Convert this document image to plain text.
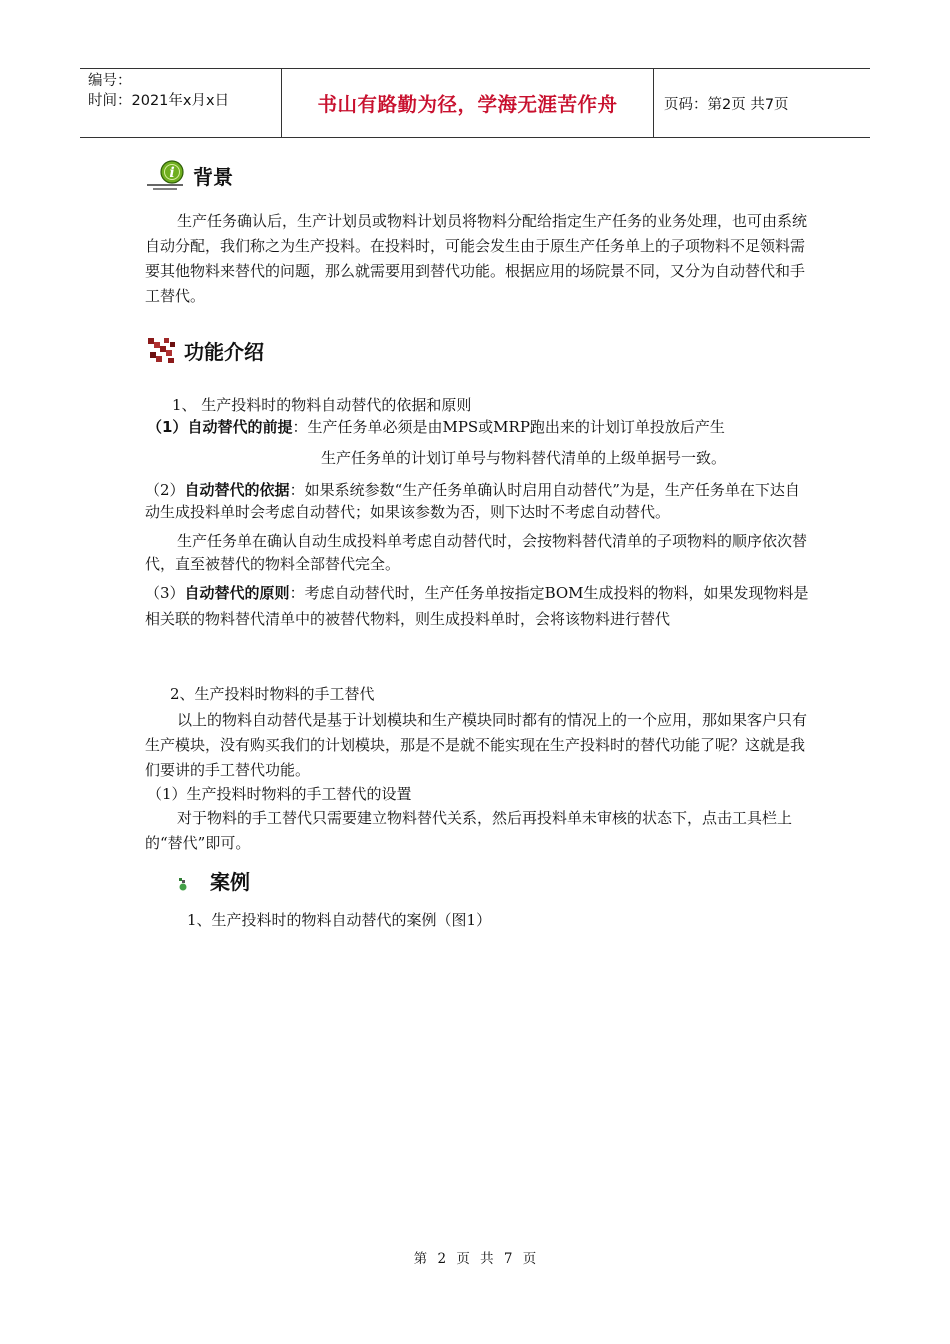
编号：
时间：2021年x月x日	书山有路勤为径，学海无涯苦作舟	页码：第2页 共7页
i 背景

生产任务确认后，生产计划员或物料计划员将物料分配给指定生产任务的业务处理，也可由系统自动分配，我们称之为生产投料。在投料时，可能会发生由于原生产任务单上的子项物料不足领料需要其他物料来替代的问题，那么就需要用到替代功能。根据应用的场院景不同，又分为自动替代和手工替代。

功能介绍
1、 生产投料时的物料自动替代的依据和原则
（1）自动替代的前提：生产任务单必须是由MPS或MRP跑出来的计划订单投放后产生
生产任务单的计划订单号与物料替代清单的上级单据号一致。

（2）自动替代的依据：如果系统参数“生产任务单确认时启用自动替代”为是，生产任务单在下达自动生成投料单时会考虑自动替代；如果该参数为否，则下达时不考虑自动替代。

生产任务单在确认自动生成投料单考虑自动替代时，会按物料替代清单的子项物料的顺序依次替代，直至被替代的物料全部替代完全。

（3）自动替代的原则：考虑自动替代时，生产任务单按指定BOM生成投料的物料，如果发现物料是相关联的物料替代清单中的被替代物料，则生成投料单时，会将该物料进行替代

2、生产投料时物料的手工替代

以上的物料自动替代是基于计划模块和生产模块同时都有的情况上的一个应用，那如果客户只有生产模块，没有购买我们的计划模块，那是不是就不能实现在生产投料时的替代功能了呢？这就是我们要讲的手工替代功能。

（1）生产投料时物料的手工替代的设置

对于物料的手工替代只需要建立物料替代关系，然后再投料单未审核的状态下，点击工具栏上的“替代”即可。

案例
1、生产投料时的物料自动替代的案例（图1）
第 2 页 共 7 页
